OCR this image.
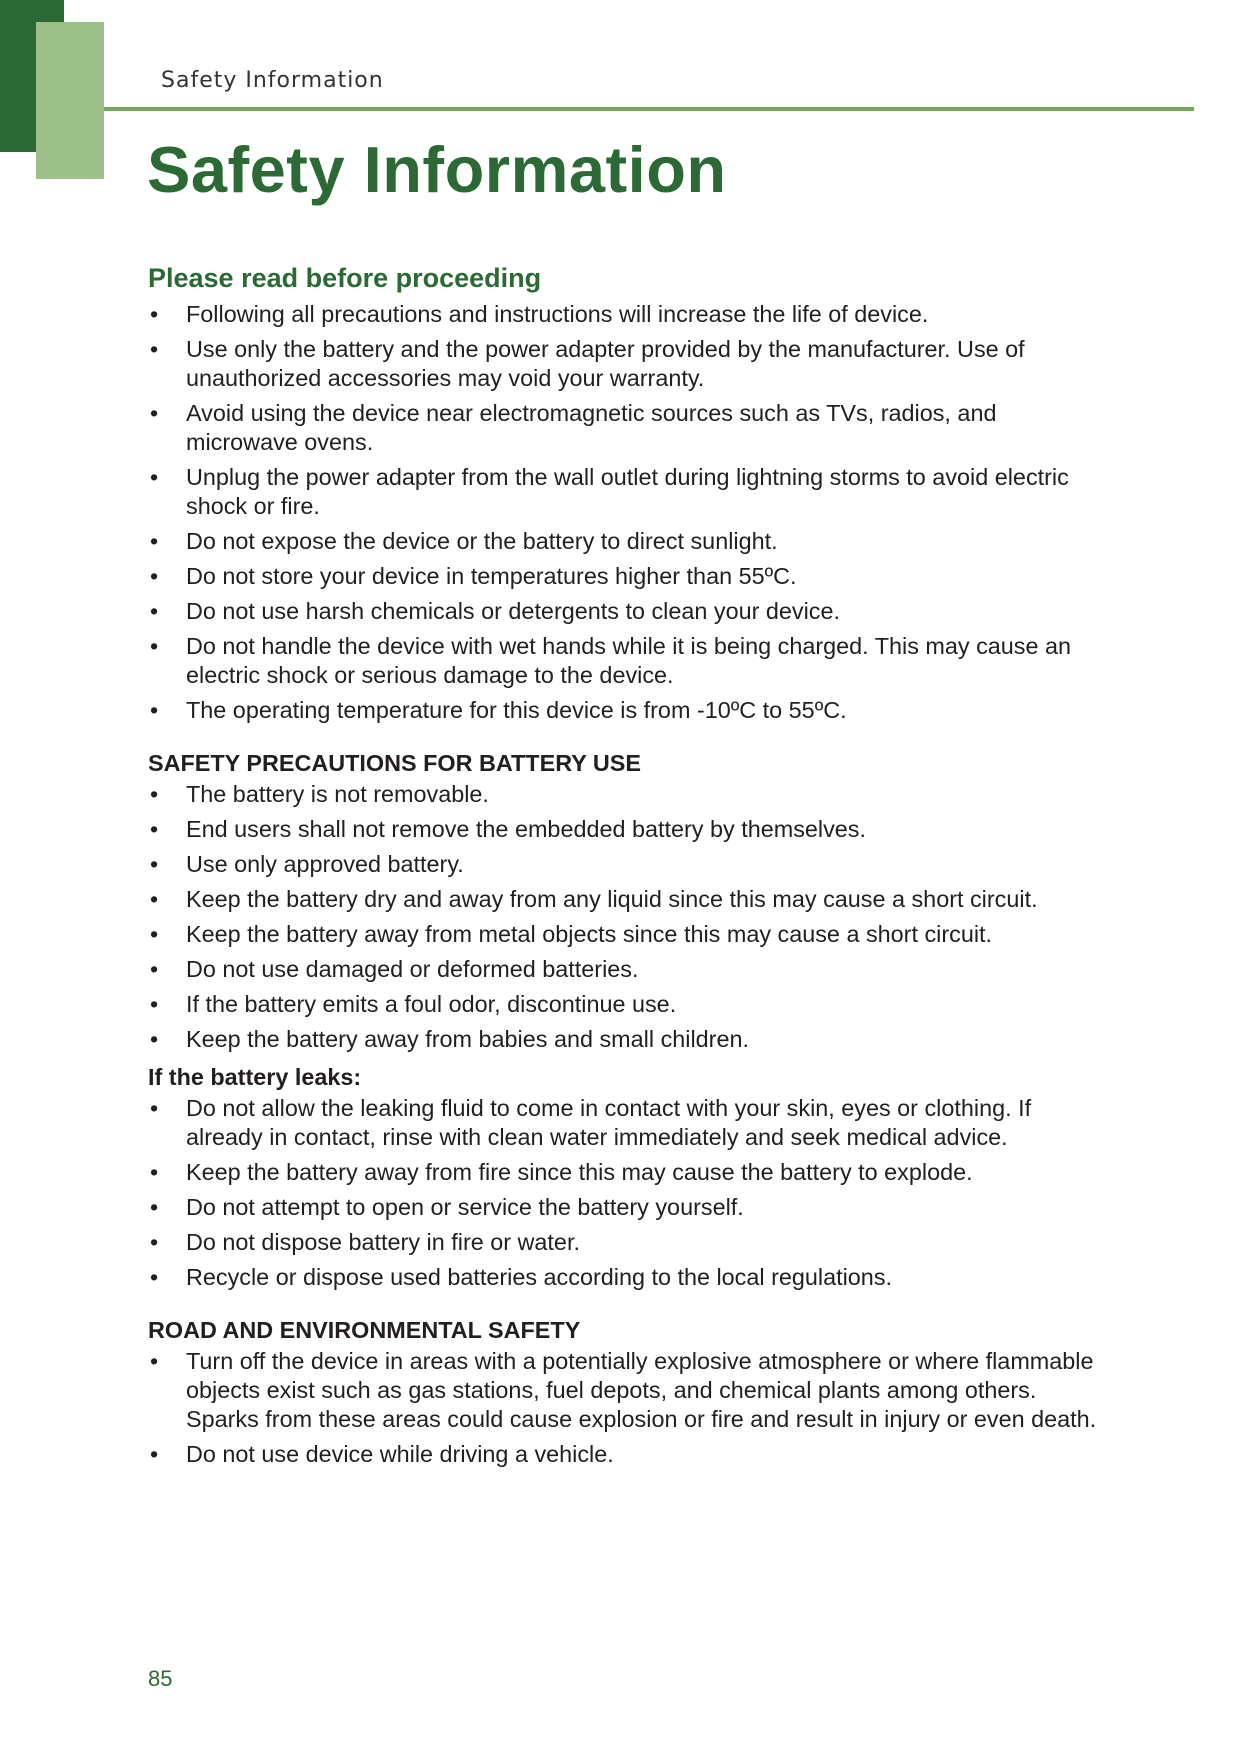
Safety Information

Safety Information
Please read before proceeding
• Following all precautions and instructions will increase the life of device.
• Use only the battery and the power adapter provided by the manufacturer. Use of unauthorized accessories may void your warranty.
• Avoid using the device near electromagnetic sources such as TVs, radios, and microwave ovens.
• Unplug the power adapter from the wall outlet during lightning storms to avoid electric shock or fire.
• Do not expose the device or the battery to direct sunlight.
• Do not store your device in temperatures higher than 55ºC.
• Do not use harsh chemicals or detergents to clean your device.
• Do not handle the device with wet hands while it is being charged. This may cause an electric shock or serious damage to the device.
• The operating temperature for this device is from -10ºC to 55ºC.
SAFETY PRECAUTIONS FOR BATTERY USE
• The battery is not removable.
• End users shall not remove the embedded battery by themselves.
• Use only approved battery.
• Keep the battery dry and away from any liquid since this may cause a short circuit.
• Keep the battery away from metal objects since this may cause a short circuit.
• Do not use damaged or deformed batteries.
• If the battery emits a foul odor, discontinue use.
• Keep the battery away from babies and small children.
If the battery leaks:
• Do not allow the leaking fluid to come in contact with your skin, eyes or clothing. If already in contact, rinse with clean water immediately and seek medical advice.
• Keep the battery away from fire since this may cause the battery to explode.
• Do not attempt to open or service the battery yourself.
• Do not dispose battery in fire or water.
• Recycle or dispose used batteries according to the local regulations.
ROAD AND ENVIRONMENTAL SAFETY
• Turn off the device in areas with a potentially explosive atmosphere or where flammable objects exist such as gas stations, fuel depots, and chemical plants among others. Sparks from these areas could cause explosion or fire and result in injury or even death.
• Do not use device while driving a vehicle.

85
